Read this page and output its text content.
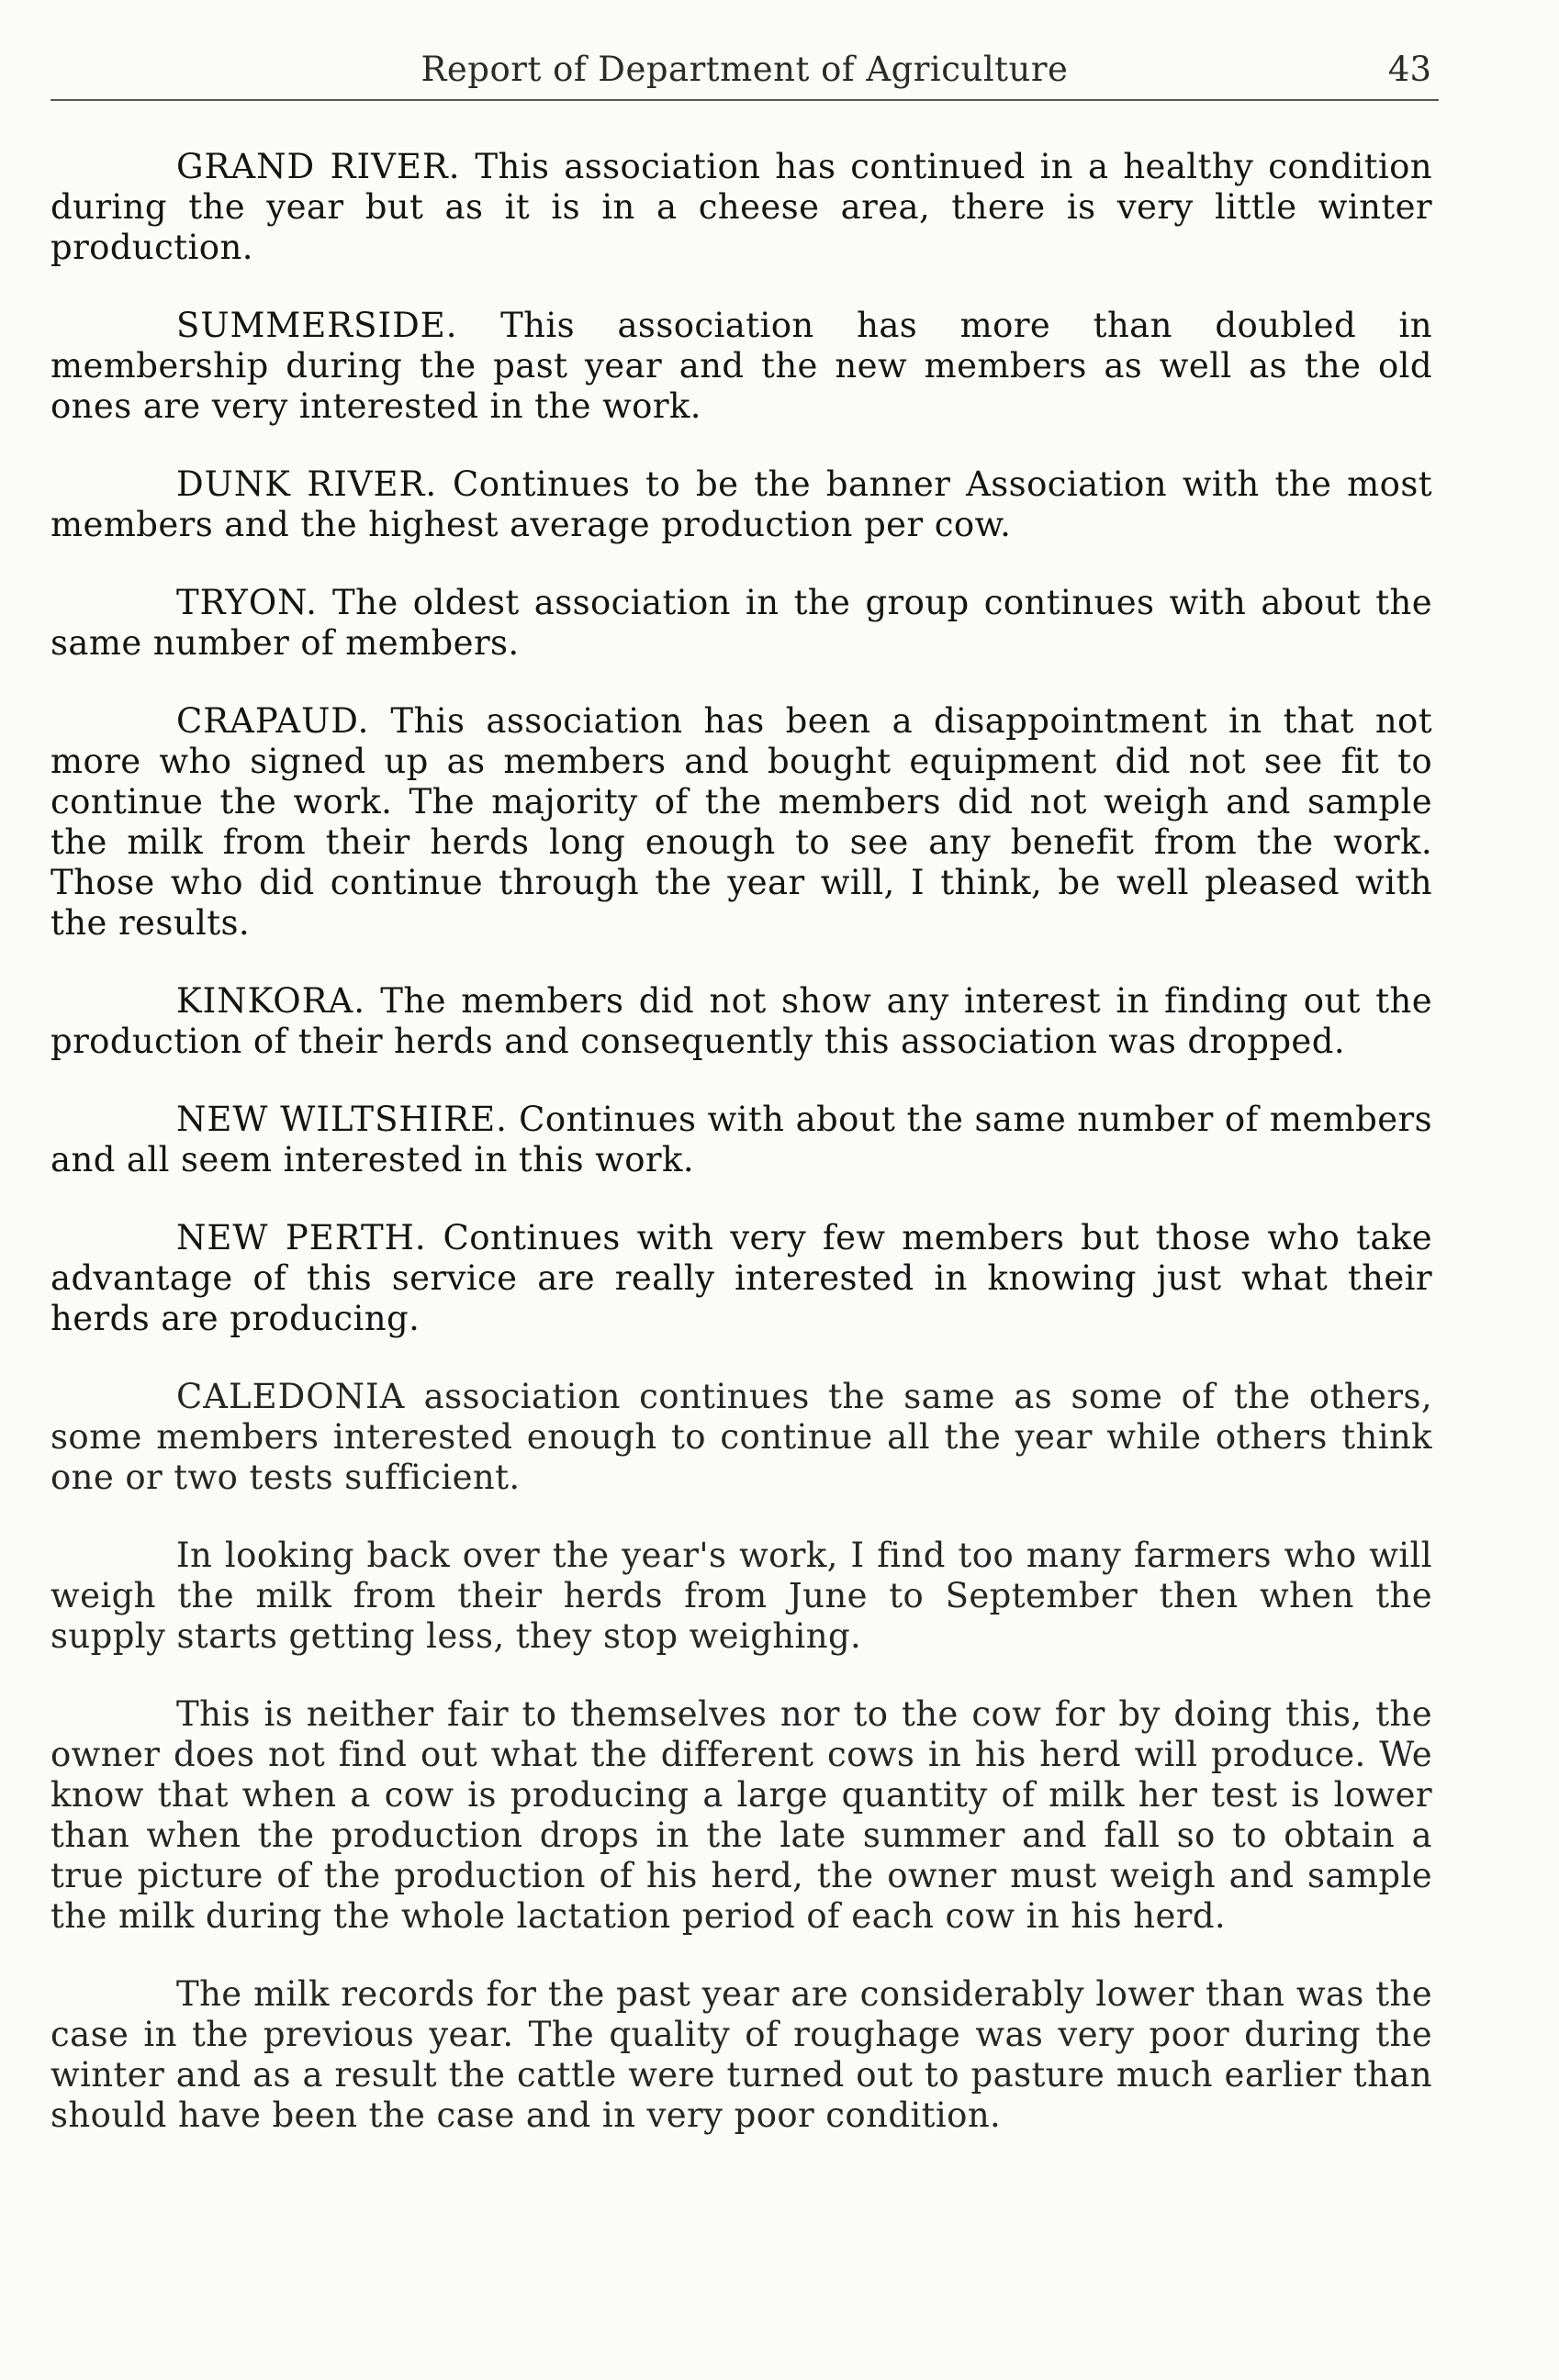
Report of Department of Agriculture	43

GRAND RIVER. This association has continued in a healthy condition during the year but as it is in a cheese area, there is very little winter production.

SUMMERSIDE. This association has more than doubled in membership during the past year and the new members as well as the old ones are very interested in the work.

DUNK RIVER. Continues to be the banner Association with the most members and the highest average production per cow.

TRYON. The oldest association in the group continues with about the same number of members.

CRAPAUD. This association has been a disappointment in that not more who signed up as members and bought equipment did not see fit to continue the work. The majority of the members did not weigh and sample the milk from their herds long enough to see any benefit from the work. Those who did continue through the year will, I think, be well pleased with the results.

KINKORA. The members did not show any interest in finding out the production of their herds and consequently this association was dropped.

NEW WILTSHIRE. Continues with about the same number of members and all seem interested in this work.

NEW PERTH. Continues with very few members but those who take advantage of this service are really interested in knowing just what their herds are producing.

CALEDONIA association continues the same as some of the others, some members interested enough to continue all the year while others think one or two tests sufficient.

In looking back over the year's work, I find too many farmers who will weigh the milk from their herds from June to September then when the supply starts getting less, they stop weighing.

This is neither fair to themselves nor to the cow for by doing this, the owner does not find out what the different cows in his herd will produce. We know that when a cow is producing a large quantity of milk her test is lower than when the production drops in the late summer and fall so to obtain a true picture of the production of his herd, the owner must weigh and sample the milk during the whole lactation period of each cow in his herd.

The milk records for the past year are considerably lower than was the case in the previous year. The quality of roughage was very poor during the winter and as a result the cattle were turned out to pasture much earlier than should have been the case and in very poor condition.
